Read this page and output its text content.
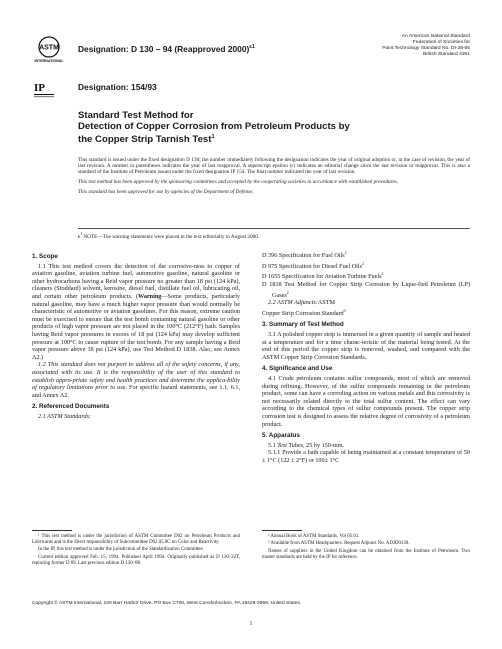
ASTM
INTERNATIONAL
IP
Designation: D 130 – 94 (Reapproved 2000)$^{\varepsilon 1}$
Designation: 154/93
An American National Standard
Federation of Societies for
Paint Technology Standard No. DI-28-65
British Standard 4351
Standard Test Method for
Detection of Copper Corrosion from Petroleum Products by
the Copper Strip Tarnish Test$^1$

This standard is issued under the fixed designation D 130; the number immediately following the designation indicates the year of original adoption or, in the case of revision, the year of last revision. A number in parentheses indicates the year of last reapproval. A superscript epsilon (ε) indicates an editorial change since the last revision or reapproval. This is also a standard of the Institute of Petroleum issued under the fixed designation IP 154. The final number indicated the year of last revision.

This test method has been approved by the sponsoring committees and accepted by the cooperating societies in accordance with established procedures.

This standard has been approved for use by agencies of the Department of Defense.

$\varepsilon^1$ NOTE—The warning statements were placed in the text editorially in August 2000.
1. Scope

1.1 This test method covers the detection of the corrosive-ness to copper of aviation gasoline, aviation turbine fuel, automotive gasoline, natural gasoline or other hydrocarbons having a Reid vapor pressure no greater than 18 psi (124 kPa), cleaners (Stoddard) solvent, kerosine, diesel fuel, distillate fuel oil, lubricating oil, and certain other petroleum products. (Warning—Some products, particularly natural gasoline, may have a much higher vapor pressure than would normally be characteristic of automotive or aviation gasolines. For this reason, extreme caution must be exercised to ensure that the test bomb containing natural gasoline or other products of high vapor pressure are not placed in the 100°C (212°F) bath. Samples having Reid vapor pressures in excess of 18 psi (124 kPa) may develop sufficient pressure at 100°C to cause rupture of the test bomb. For any sample having a Reid vapor pressure above 18 psi (124 kPa), use Test Method D 1838. Also, see Annex A2.)

1.2 This standard does not purport to address all of the safety concerns, if any, associated with its use. It is the responsibility of the user of this standard to establish appro-priate safety and health practices and determine the applica-bility of regulatory limitations prior to use. For specific hazard statements, see 1.1, 6.1, and Annex A2.

2. Referenced Documents

2.1 ASTM Standards:

D 396 Specification for Fuel Oils$^2$
D 975 Specification for Diesel Fuel Oils$^2$
D 1655 Specification for Aviation Turbine Fuels$^2$
D 1838 Test Method for Copper Strip Corrosion by Lique-fied Petroleum (LP) Gases$^2$

2.2 ASTM Adjuncts:ASTM

Copper Strip Corrosion Standard$^3$

3. Summary of Test Method

3.1 A polished copper strip is immersed in a given quantity of sample and heated at a temperature and for a time charac-teristic of the material being tested. At the end of this period the copper strip is removed, washed, and compared with the ASTM Copper Strip Corrosion Standards.

4. Significance and Use

4.1 Crude petroleum contains sulfur compounds, most of which are removed during refining. However, of the sulfur compounds remaining in the petroleum product, some can have a corroding action on various metals and this corrosivity is not necessarily related directly to the total sulfur content. The effect can vary according to the chemical types of sulfur compounds present. The copper strip corrosion test is designed to assess the relative degree of corrosivity of a petroleum product.

5. Apparatus

5.1 Test Tubes, 25 by 150-mm.

5.1.1 Provide a bath capable of being maintained at a constant temperature of 50 ± 1°C (122 ± 2°F) or 100± 1°C

¹ This test method is under the jurisdiction of ASTM Committee D02 on Petroleum Products and Lubricants and is the direct responsibility of Subcommittee D02.05.0C on Color and Reactivity.

In the IP, this test method is under the jurisdiction of the Standardization Committee.

Current edition approved Feb. 15, 1994. Published April 1994. Originally published as D 130–22T, replacing former D 89. Last previous edition D 130–88.

² Annual Book of ASTM Standards, Vol 05.01.

³ Available from ASTM Headquarters. Request Adjunct No. ADJD0130.

Names of suppliers in the United Kingdom can be obtained from the Institute of Petroleum. Two master standards are held by the IP for reference.

Copyright © ASTM International, 100 Barr Harbor Drive, PO Box C700, West Conshohocken, PA 19428-2959, United States.
1
